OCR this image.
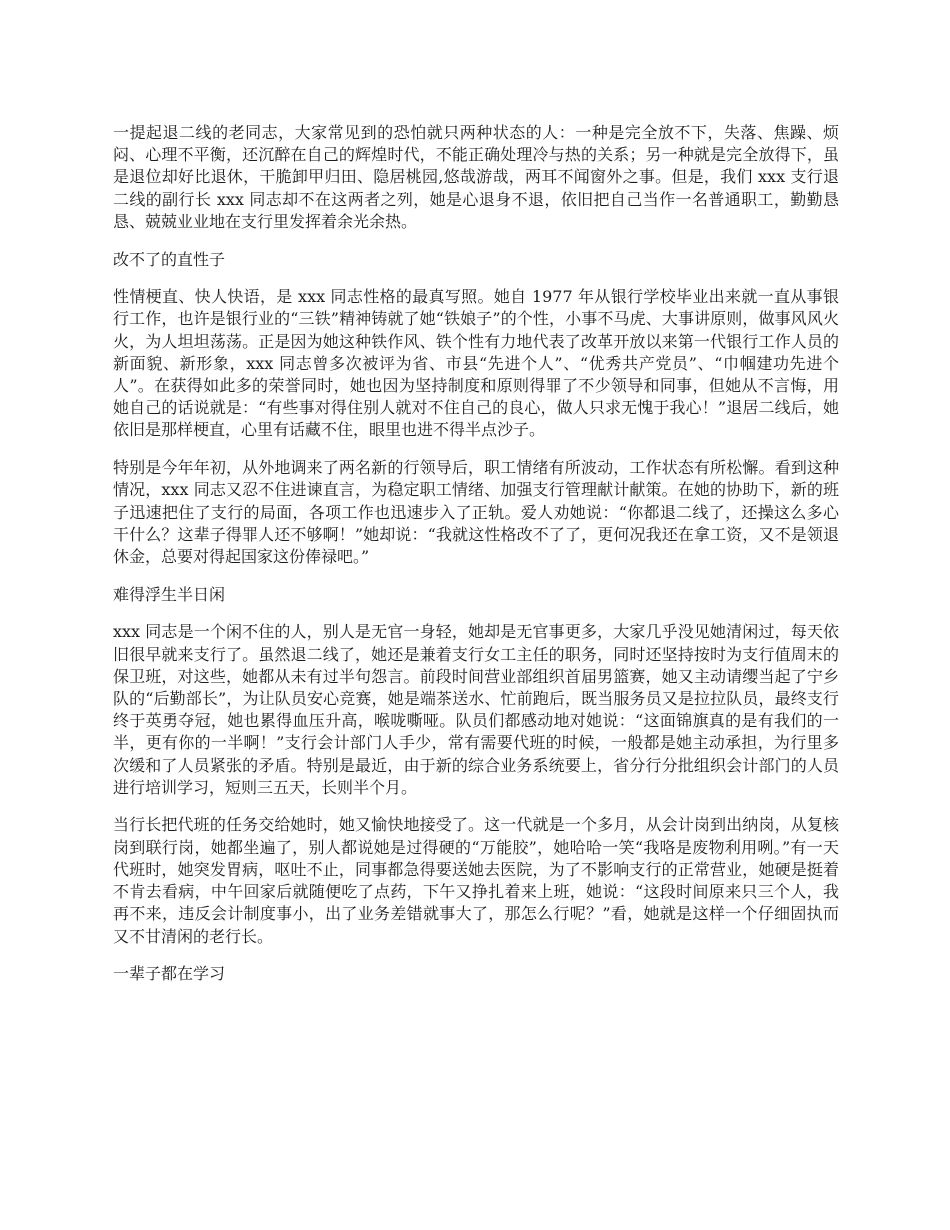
一提起退二线的老同志，大家常见到的恐怕就只两种状态的人：一种是完全放不下，失落、焦躁、烦闷、心理不平衡，还沉醉在自己的辉煌时代，不能正确处理冷与热的关系；另一种就是完全放得下，虽是退位却好比退休，干脆卸甲归田、隐居桃园,悠哉游哉，两耳不闻窗外之事。但是，我们 xxx 支行退二线的副行长 xxx 同志却不在这两者之列，她是心退身不退，依旧把自己当作一名普通职工，勤勤恳恳、兢兢业业地在支行里发挥着余光余热。

改不了的直性子

性情梗直、快人快语，是 xxx 同志性格的最真写照。她自 1977 年从银行学校毕业出来就一直从事银行工作，也许是银行业的“三铁”精神铸就了她“铁娘子”的个性，小事不马虎、大事讲原则，做事风风火火，为人坦坦荡荡。正是因为她这种铁作风、铁个性有力地代表了改革开放以来第一代银行工作人员的新面貌、新形象，xxx 同志曾多次被评为省、市县“先进个人”、“优秀共产党员”、“巾帼建功先进个人”。在获得如此多的荣誉同时，她也因为坚持制度和原则得罪了不少领导和同事，但她从不言悔，用她自己的话说就是：“有些事对得住别人就对不住自己的良心，做人只求无愧于我心！”退居二线后，她依旧是那样梗直，心里有话藏不住，眼里也进不得半点沙子。

特别是今年年初，从外地调来了两名新的行领导后，职工情绪有所波动，工作状态有所松懈。看到这种情况，xxx 同志又忍不住进谏直言，为稳定职工情绪、加强支行管理献计献策。在她的协助下，新的班子迅速把住了支行的局面，各项工作也迅速步入了正轨。爱人劝她说：“你都退二线了，还操这么多心干什么？这辈子得罪人还不够啊！”她却说：“我就这性格改不了了，更何况我还在拿工资，又不是领退休金，总要对得起国家这份俸禄吧。”

难得浮生半日闲

xxx 同志是一个闲不住的人，别人是无官一身轻，她却是无官事更多，大家几乎没见她清闲过，每天依旧很早就来支行了。虽然退二线了，她还是兼着支行女工主任的职务，同时还坚持按时为支行值周末的保卫班，对这些，她都从未有过半句怨言。前段时间营业部组织首届男篮赛，她又主动请缨当起了宁乡队的“后勤部长”，为让队员安心竞赛，她是端茶送水、忙前跑后，既当服务员又是拉拉队员，最终支行终于英勇夺冠，她也累得血压升高，喉咙嘶哑。队员们都感动地对她说：“这面锦旗真的是有我们的一半，更有你的一半啊！”支行会计部门人手少，常有需要代班的时候，一般都是她主动承担，为行里多次缓和了人员紧张的矛盾。特别是最近，由于新的综合业务系统要上，省分行分批组织会计部门的人员进行培训学习，短则三五天，长则半个月。

当行长把代班的任务交给她时，她又愉快地接受了。这一代就是一个多月，从会计岗到出纳岗，从复核岗到联行岗，她都坐遍了，别人都说她是过得硬的“万能胶”，她哈哈一笑“我咯是废物利用咧。”有一天代班时，她突发胃病，呕吐不止，同事都急得要送她去医院，为了不影响支行的正常营业，她硬是挺着不肯去看病，中午回家后就随便吃了点药，下午又挣扎着来上班，她说：“这段时间原来只三个人，我再不来，违反会计制度事小，出了业务差错就事大了，那怎么行呢？”看，她就是这样一个仔细固执而又不甘清闲的老行长。

一辈子都在学习
